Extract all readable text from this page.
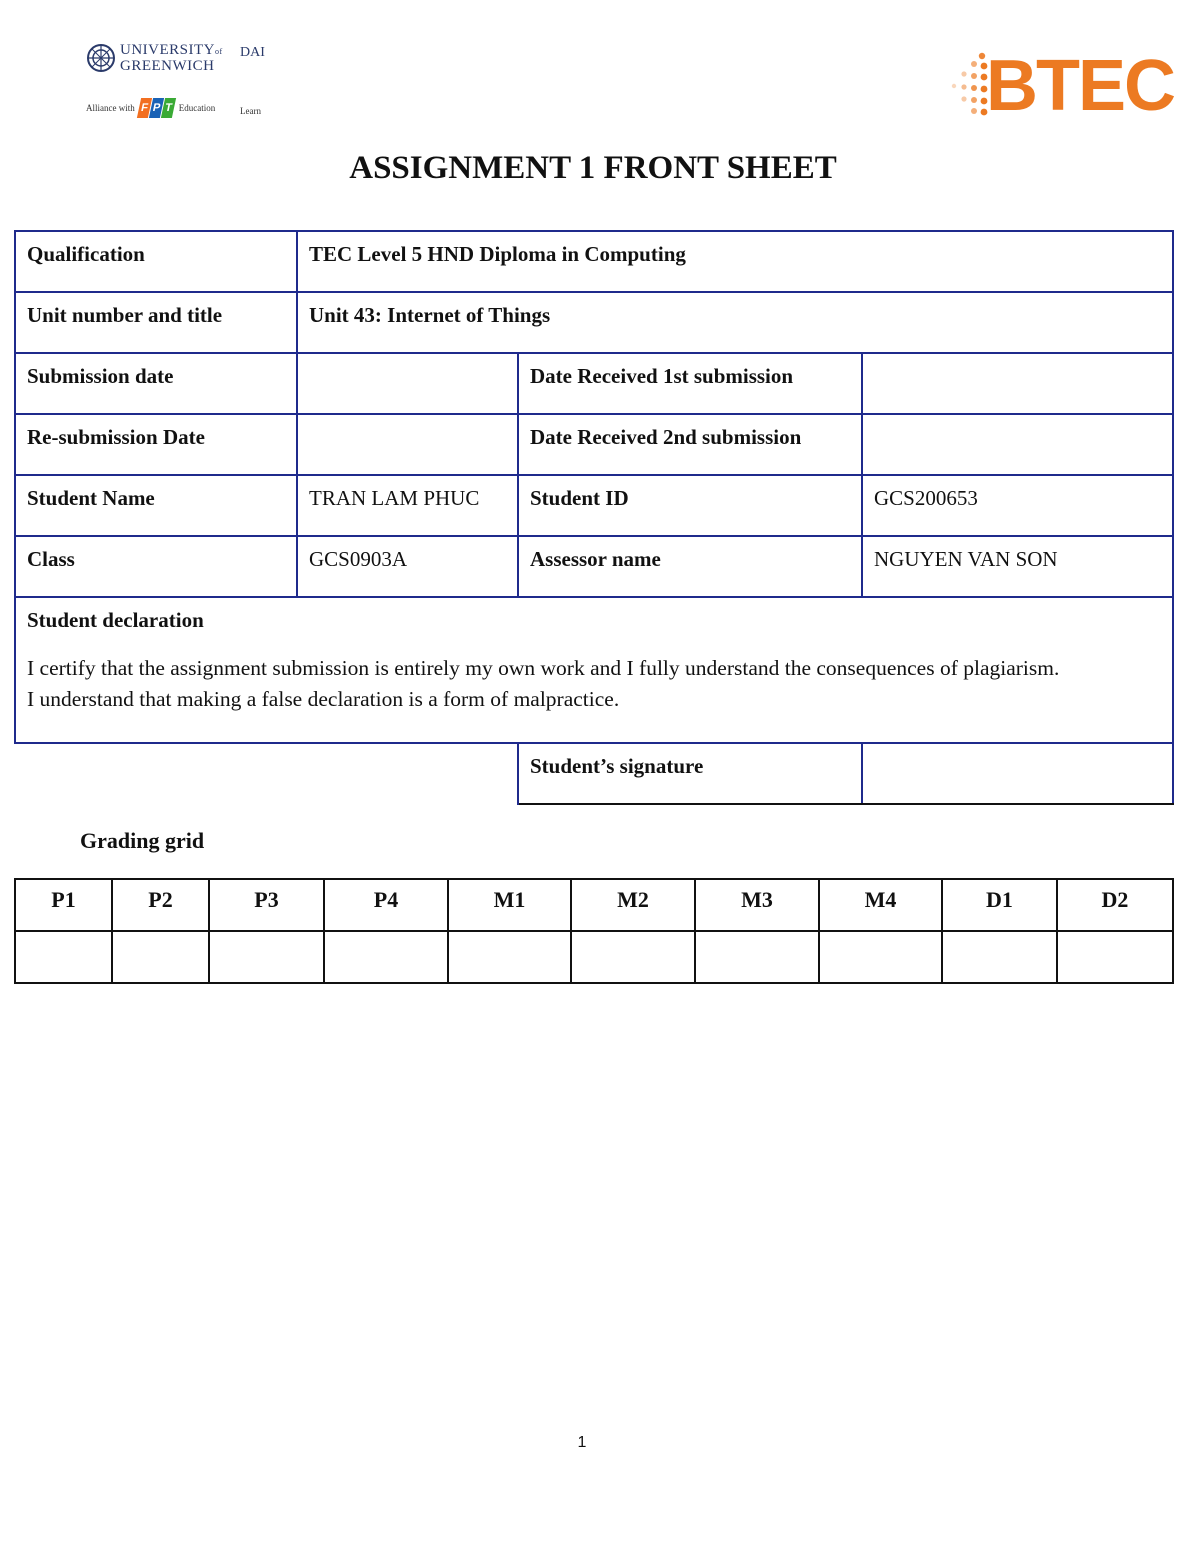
UNIVERSITYof
GREENWICH
DAI
Alliance with F P T Education	Learn	BTEC
ASSIGNMENT 1 FRONT SHEET
Qualification	TEC Level 5 HND Diploma in Computing		
Unit number and title	Unit 43: Internet of Things		
Submission date		Date Received 1st submission	
Re-submission Date		Date Received 2nd submission	
Student Name	TRAN LAM PHUC	Student ID	GCS200653
Class	GCS0903A	Assessor name	NGUYEN VAN SON

Student declaration
I certify that the assignment submission is entirely my own work and I fully understand the consequences of plagiarism.
I understand that making a false declaration is a form of malpractice.			

		Student’s signature	
Grading grid
P1	P2	P3	P4	M1	M2	M3	M4	D1	D2

1
